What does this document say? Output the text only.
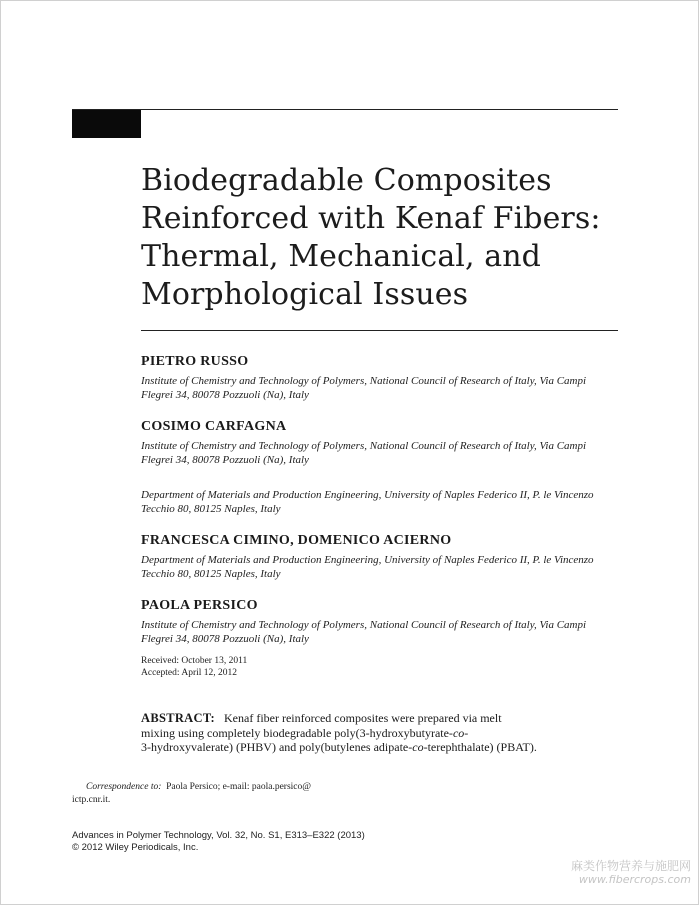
Biodegradable Composites
Reinforced with Kenaf Fibers:
Thermal, Mechanical, and
Morphological Issues
PIETRO RUSSO
Institute of Chemistry and Technology of Polymers, National Council of Research of Italy, Via Campi
Flegrei 34, 80078 Pozzuoli (Na), Italy
COSIMO CARFAGNA
Institute of Chemistry and Technology of Polymers, National Council of Research of Italy, Via Campi
Flegrei 34, 80078 Pozzuoli (Na), Italy
Department of Materials and Production Engineering, University of Naples Federico II, P. le Vincenzo
Tecchio 80, 80125 Naples, Italy
FRANCESCA CIMINO, DOMENICO ACIERNO
Department of Materials and Production Engineering, University of Naples Federico II, P. le Vincenzo
Tecchio 80, 80125 Naples, Italy
PAOLA PERSICO
Institute of Chemistry and Technology of Polymers, National Council of Research of Italy, Via Campi
Flegrei 34, 80078 Pozzuoli (Na), Italy
Received: October 13, 2011
Accepted: April 12, 2012
ABSTRACT: Kenaf fiber reinforced composites were prepared via melt
mixing using completely biodegradable poly(3-hydroxybutyrate-co-
3-hydroxyvalerate) (PHBV) and poly(butylenes adipate-co-terephthalate) (PBAT).
Correspondence to: Paola Persico; e-mail: paola.persico@
ictp.cnr.it.
Advances in Polymer Technology, Vol. 32, No. S1, E313–E322 (2013)
© 2012 Wiley Periodicals, Inc.
麻类作物营养与施肥网
www.fibercrops.com
